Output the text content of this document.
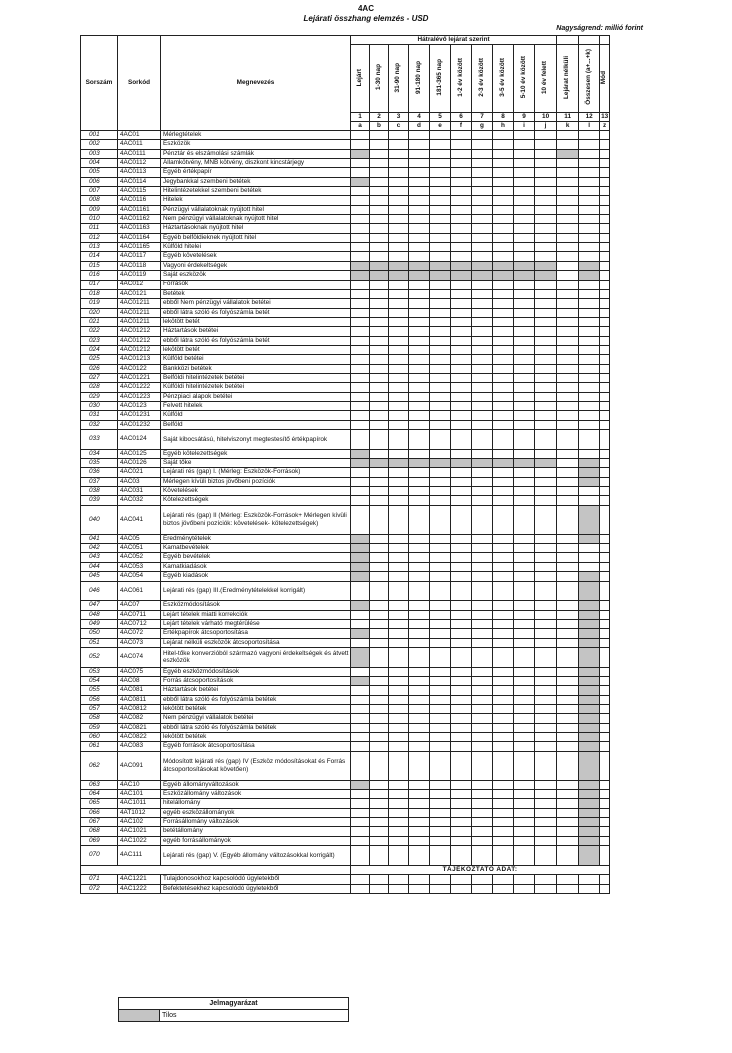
4AC
Lejárati összhang elemzés - USD
Nagyságrend: millió forint
Sorszám	Sorkód	Megnevezés	Hátralévő lejárat szerint												
			Lejárt	1-30 nap	31-90 nap	91-180 nap	181-365 nap	1-2 év között	2-3 év között	3-5 év között	5-10 év között	10 év felett	Lejárat nélküli	Összesen (a+...+k)	Mód
			1	2	3	4	5	6	7	8	9	10	11	12	13
			a	b	c	d	e	f	g	h	i	j	k	l	z
001	4AC01	Mérlegtételek													
002	4AC011	Eszközök													
003	4AC0111	Pénztár és elszámolási számlák													
004	4AC0112	Államkötvény, MNB kötvény, diszkont kincstárjegy													
005	4AC0113	Egyéb értékpapír													
006	4AC0114	Jegybankkal szembeni betétek													
007	4AC0115	Hitelintézetekkel szembeni betétek													
008	4AC0116	Hitelek													
009	4AC01161	Pénzügyi vállalatoknak nyújtott hitel													
010	4AC01162	Nem pénzügyi vállalatoknak nyújtott hitel													
011	4AC01163	Háztartásoknak nyújtott hitel													
012	4AC01164	Egyéb belföldieknek nyújtott hitel													
013	4AC01165	Külföld hitelei													
014	4AC0117	Egyéb követelések													
015	4AC0118	Vagyoni érdekeltségek													
016	4AC0119	Saját eszközök													
017	4AC012	Források													
018	4AC0121	Betétek													
019	4AC01211	ebből Nem pénzügyi vállalatok betétei													
020	4AC01211	ebből látra szóló és folyószámla betét													
021	4AC01211	lekötött betét													
022	4AC01212	Háztartások betétei													
023	4AC01212	ebből látra szóló és folyószámla betét													
024	4AC01212	lekötött betét													
025	4AC01213	Külföld betétei													
026	4AC0122	Bankközi betétek													
027	4AC01221	Belföldi hitelintézetek betétei													
028	4AC01222	Külföldi hitelintézetek betétei													
029	4AC01223	Pénzpiaci alapok betétei													
030	4AC0123	Felvett hitelek													
031	4AC01231	Külföld													
032	4AC01232	Belföld													
033	4AC0124	Saját kibocsátású, hitelviszonyt megtestesítő értékpapírok													
034	4AC0125	Egyéb kötelezettségek													
035	4AC0126	Saját tőke													
036	4AC021	Lejárati rés (gap) I. (Mérleg: Eszközök-Források)													
037	4AC03	Mérlegen kívüli biztos jövőbeni pozíciók													
038	4AC031	Követelések													
039	4AC032	Kötelezettségek													
040	4AC041	Lejárati rés (gap) II (Mérleg: Eszközök-Források+ Mérlegen kívüli biztos jövőbeni pozíciók: követelések- kötelezettségek)													
041	4AC05	Eredménytételek													
042	4AC051	Kamatbevételek													
043	4AC052	Egyéb bevételek													
044	4AC053	Kamatkiadások													
045	4AC054	Egyéb kiadások													
046	4AC061	Lejárati rés (gap) III.(Eredménytételekkel korrigált)													
047	4AC07	Eszközmódosítások													
048	4AC0711	Lejárt tételek miatti korrekciók													
049	4AC0712	Lejárt tételek várható megtérülése													
050	4AC072	Értékpapírok átcsoportosítása													
051	4AC073	Lejárat nélküli eszközök átcsoportosítása													
052	4AC074	Hitel-tőke konverzióból származó vagyoni érdekeltségek és átvett eszközök													
053	4AC075	Egyéb eszközmódosítások													
054	4AC08	Forrás átcsoportosítások													
055	4AC081	Háztartások betétei													
056	4AC0811	ebből látra szóló és folyószámla betétek													
057	4AC0812	lekötött betétek													
058	4AC082	Nem pénzügyi vállalatok betétei													
059	4AC0821	ebből látra szóló és folyószámla betétek													
060	4AC0822	lekötött betétek													
061	4AC083	Egyéb források átcsoportosítása													
062	4AC091	Módosított lejárati rés (gap) IV (Eszköz módosításokat és Forrás átcsoportosításokat követően)													
063	4AC10	Egyéb állományváltozások													
064	4AC101	Eszközállomány változások													
065	4AC1011	hitelállomány													
066	4AT1012	egyéb eszközállományok													
067	4AC102	Forrásállomány változások													
068	4AC1021	betétállomány													
069	4AC1022	egyéb forrásállományok													
070	4AC111	Lejárati rés (gap) V. (Egyéb állomány változásokkal korrigált)													
			TÁJÉKOZTATÓ ADAT:												
071	4AC1221	Tulajdonosokhoz kapcsolódó ügyletekből													
072	4AC1222	Befektetésekhez kapcsolódó ügyletekből													
Jelmagyarázat
	Tilos
